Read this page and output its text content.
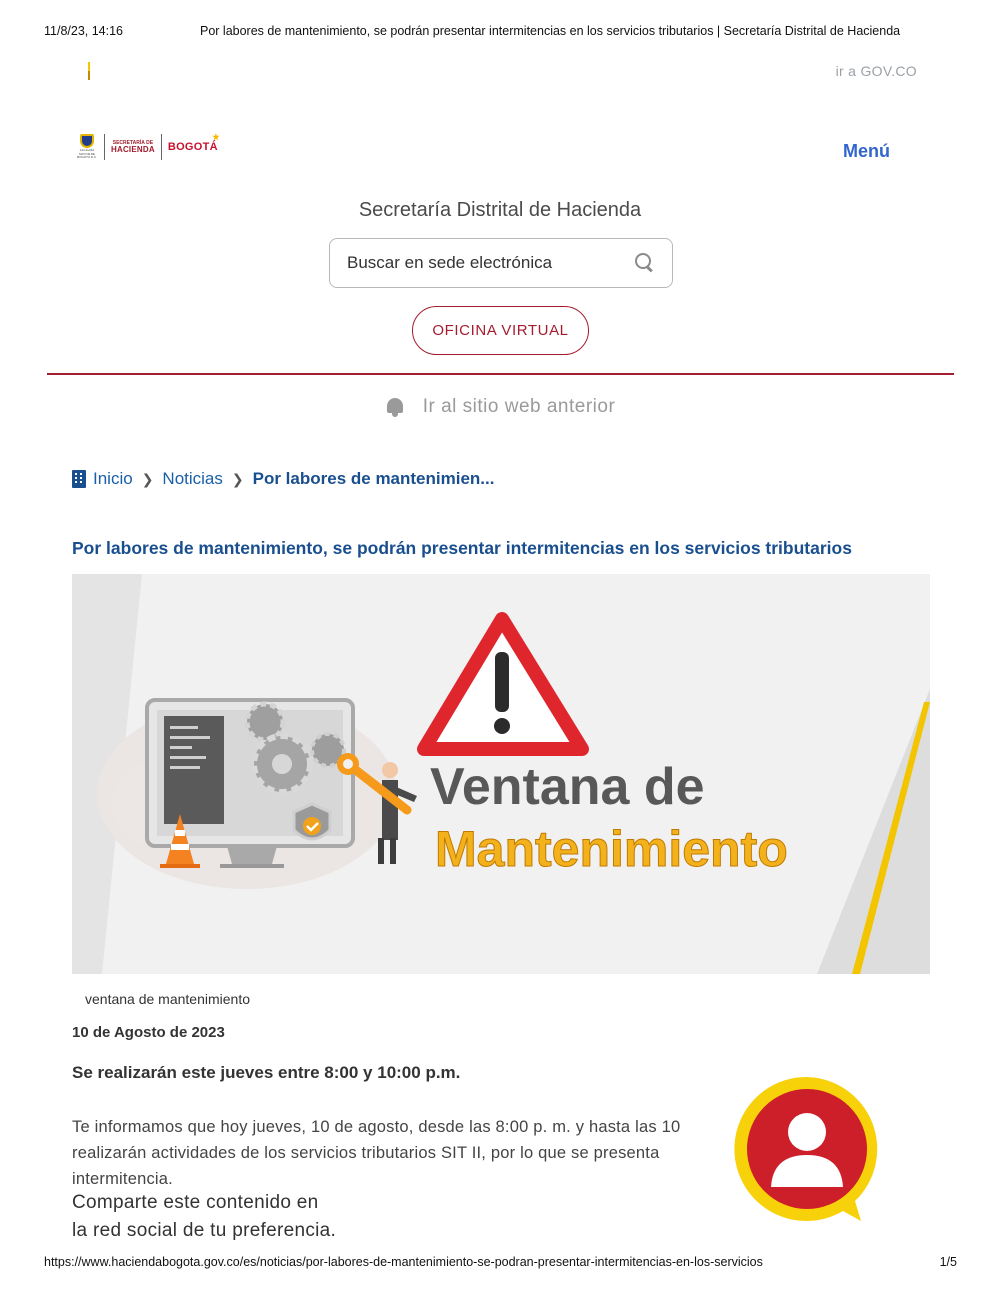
11/8/23, 14:16	Por labores de mantenimiento, se podrán presentar intermitencias en los servicios tributarios | Secretaría Distrital de Hacienda
ir a GOV.CO
ALCALDÍA MAYOR DE BOGOTÁ D.C.
SECRETARÍA DE
HACIENDA BOGOTÁ	Menú
Secretaría Distrital de Hacienda
Buscar en sede electrónica
OFICINA VIRTUAL
Ir al sitio web anterior
Inicio ❯ Noticias ❯ Por labores de mantenimien...
Por labores de mantenimiento, se podrán presentar intermitencias en los servicios tributarios
Ventana de
Mantenimiento

ventana de mantenimiento

10 de Agosto de 2023

Se realizarán este jueves entre 8:00 y 10:00 p.m.

Te informamos que hoy jueves, 10 de agosto, desde las 8:00 p. m. y hasta las 10

realizarán actividades de los servicios tributarios SIT II, por lo que se presenta

intermitencia.

Comparte este contenido en

la red social de tu preferencia.

https://www.haciendabogota.gov.co/es/noticias/por-labores-de-mantenimiento-se-podran-presentar-intermitencias-en-los-servicios	1/5
